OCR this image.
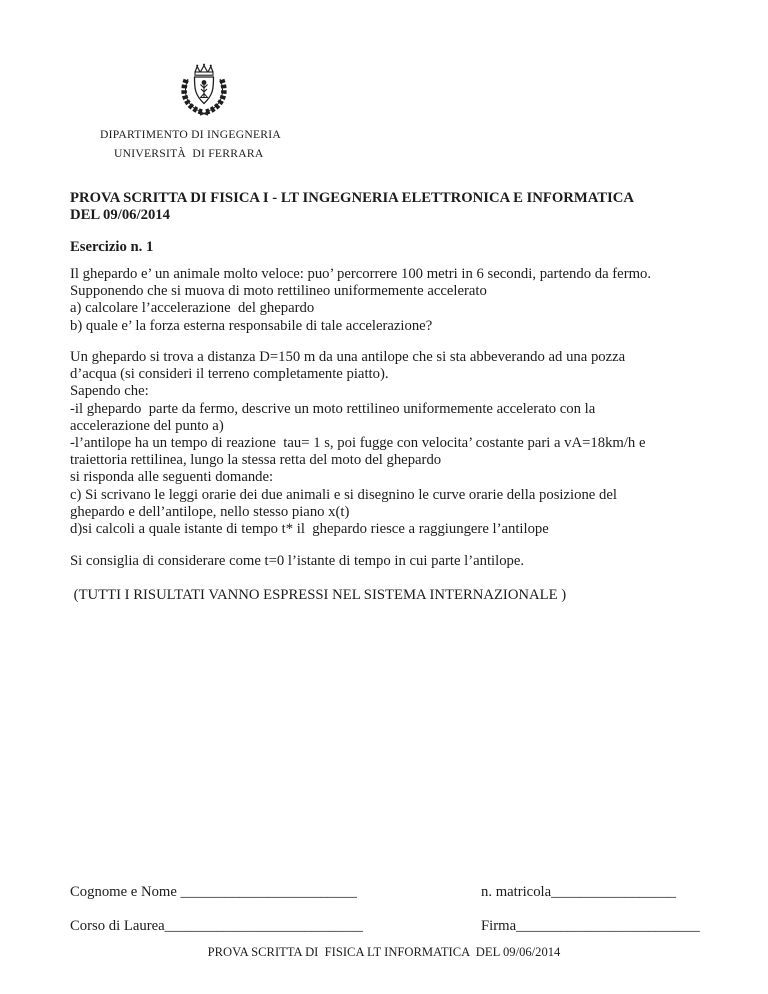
DIPARTIMENTO DI INGEGNERIA
UNIVERSITÀ  DI FERRARA
PROVA SCRITTA DI FISICA I - LT INGEGNERIA ELETTRONICA E INFORMATICA
DEL 09/06/2014
Esercizio n. 1
Il ghepardo e’ un animale molto veloce: puo’ percorrere 100 metri in 6 secondi, partendo da fermo.
Supponendo che si muova di moto rettilineo uniformemente accelerato
a) calcolare l’accelerazione  del ghepardo
b) quale e’ la forza esterna responsabile di tale accelerazione?
Un ghepardo si trova a distanza D=150 m da una antilope che si sta abbeverando ad una pozza
d’acqua (si consideri il terreno completamente piatto).
Sapendo che:
-il ghepardo  parte da fermo, descrive un moto rettilineo uniformemente accelerato con la
accelerazione del punto a)
-l’antilope ha un tempo di reazione  tau= 1 s, poi fugge con velocita’ costante pari a vA=18km/h e
traiettoria rettilinea, lungo la stessa retta del moto del ghepardo
si risponda alle seguenti domande:
c) Si scrivano le leggi orarie dei due animali e si disegnino le curve orarie della posizione del
ghepardo e dell’antilope, nello stesso piano x(t)
d)si calcoli a quale istante di tempo t* il  ghepardo riesce a raggiungere l’antilope
Si consiglia di considerare come t=0 l’istante di tempo in cui parte l’antilope.
(TUTTI I RISULTATI VANNO ESPRESSI NEL SISTEMA INTERNAZIONALE )
Cognome e Nome ________________________	n. matricola_________________
Corso di Laurea___________________________	Firma_________________________
PROVA SCRITTA DI  FISICA LT INFORMATICA  DEL 09/06/2014
